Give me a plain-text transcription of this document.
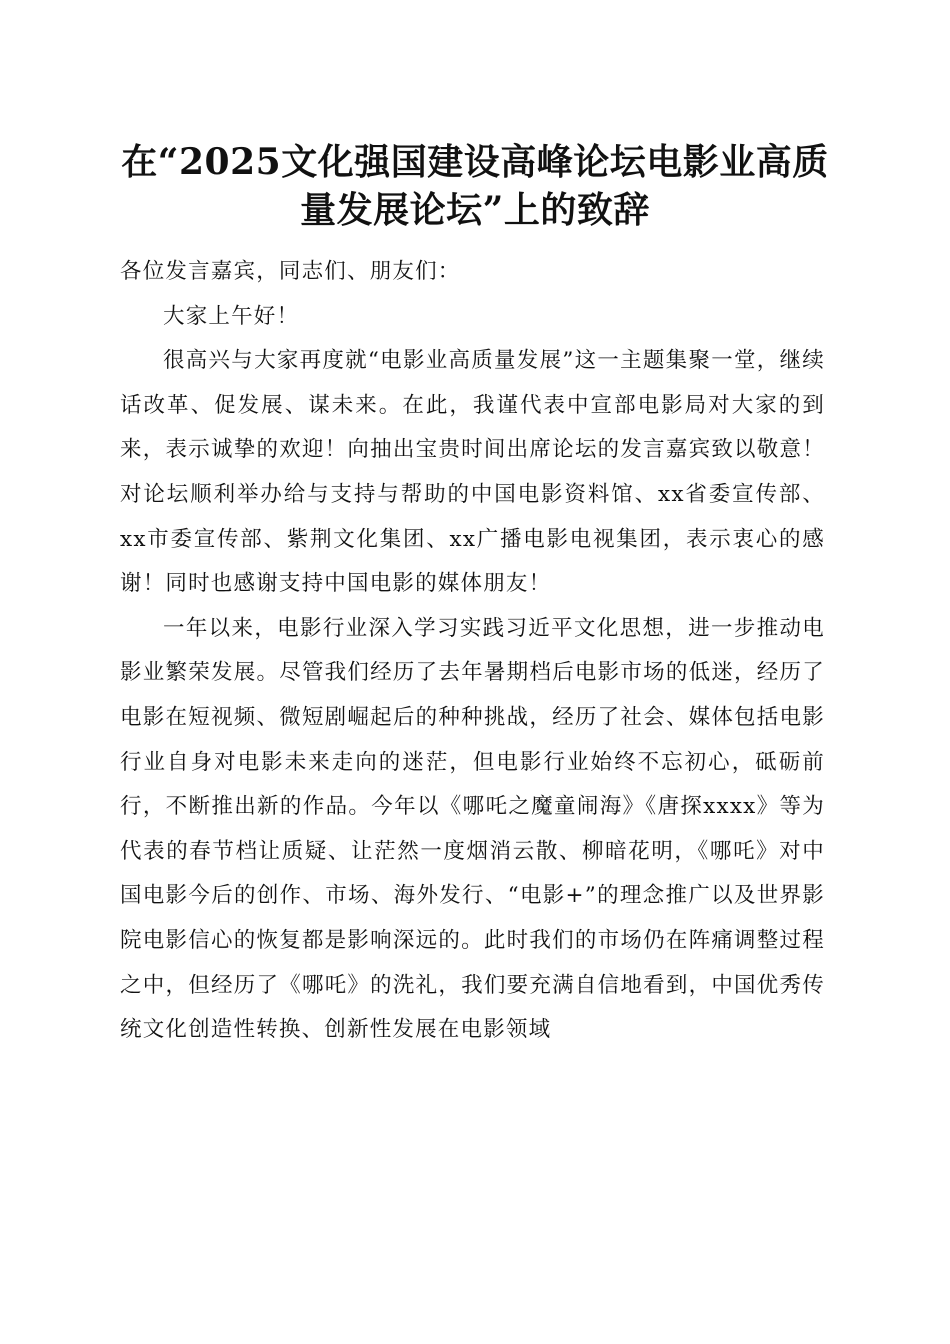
在“2025文化强国建设高峰论坛电影业高质
量发展论坛”上的致辞

各位发言嘉宾，同志们、朋友们：

大家上午好！

很高兴与大家再度就“电影业高质量发展”这一主题集聚一堂，继续话改革、促发展、谋未来。在此，我谨代表中宣部电影局对大家的到来，表示诚挚的欢迎！向抽出宝贵时间出席论坛的发言嘉宾致以敬意！对论坛顺利举办给与支持与帮助的中国电影资料馆、xx省委宣传部、xx市委宣传部、紫荆文化集团、xx广播电影电视集团，表示衷心的感谢！同时也感谢支持中国电影的媒体朋友！

一年以来，电影行业深入学习实践习近平文化思想，进一步推动电影业繁荣发展。尽管我们经历了去年暑期档后电影市场的低迷，经历了电影在短视频、微短剧崛起后的种种挑战，经历了社会、媒体包括电影行业自身对电影未来走向的迷茫，但电影行业始终不忘初心，砥砺前行，不断推出新的作品。今年以《哪吒之魔童闹海》《唐探xxxx》等为代表的春节档让质疑、让茫然一度烟消云散、柳暗花明，《哪吒》对中国电影今后的创作、市场、海外发行、“电影+”的理念推广以及世界影院电影信心的恢复都是影响深远的。此时我们的市场仍在阵痛调整过程之中，但经历了《哪吒》的洗礼，我们要充满自信地看到，中国优秀传统文化创造性转换、创新性发展在电影领域
